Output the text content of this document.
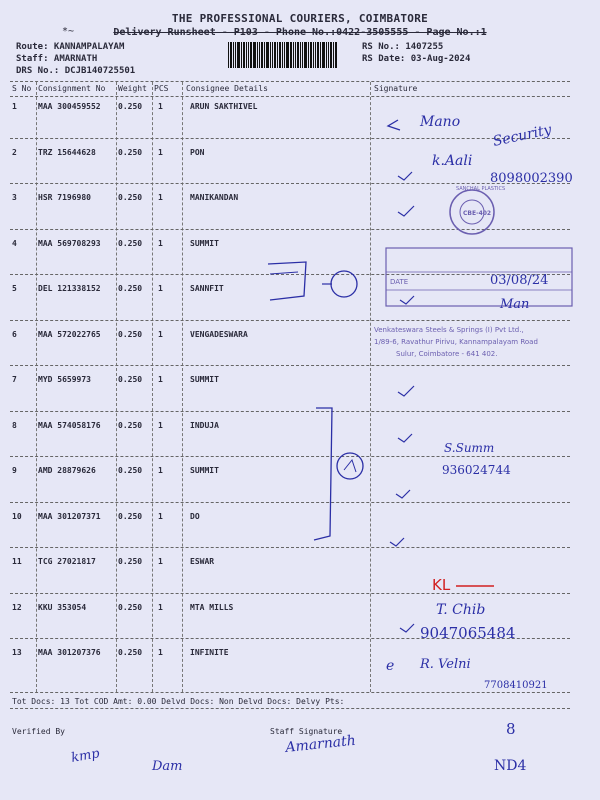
THE PROFESSIONAL COURIERS, COIMBATORE
*~	Delivery Runsheet - P103 - Phone No.:0422-3505555 - Page No.:1
Route: KANNAMPALAYAM
Staff: AMARNATH
DRS No.: DCJB140725501
RS No.: 1407255
RS Date: 03-Aug-2024
S No Consignment No Weight PCS Consignee Details	Signature
1	MAA 300459552 0.250 1	ARUN SAKTHIVEL
2	TRZ 15644628	0.250 1	PON
3	HSR 7196980	0.250 1	MANIKANDAN
4	MAA 569708293 0.250 1	SUMMIT
5	DEL 121338152 0.250 1	SANNFIT
6	MAA 572022765 0.250 1	VENGADESWARA
7	MYD 5659973	0.250 1	SUMMIT
8	MAA 574058176 0.250 1	INDUJA
9	AMD 28879626	0.250 1	SUMMIT
10 MAA 301207371 0.250 1	DO
11 TCG 27021817	0.250 1	ESWAR
12 KKU 353054	0.250 1	MTA MILLS
13 MAA 301207376 0.250 1	INFINITE
Tot Docs: 13 Tot COD Amt: 0.00 Delvd Docs: Non Delvd Docs: Delvy Pts:
Verified By	Staff Signature
SANCHAL PLASTICS
CBE-402
DATE
Venkateswara Steels & Springs (I) Pvt Ltd.,
1/89-6, Ravathur Pirivu, Kannampalayam Road
Sulur, Coimbatore - 641 402.
Mano Security
k.Aali
8098002390
03/08/24
Man
S.Summ
936024744
KL
T. Chib
9047065484
e R. Velni
7708410921
kmp
Dam
Amarnath
8
ND4
